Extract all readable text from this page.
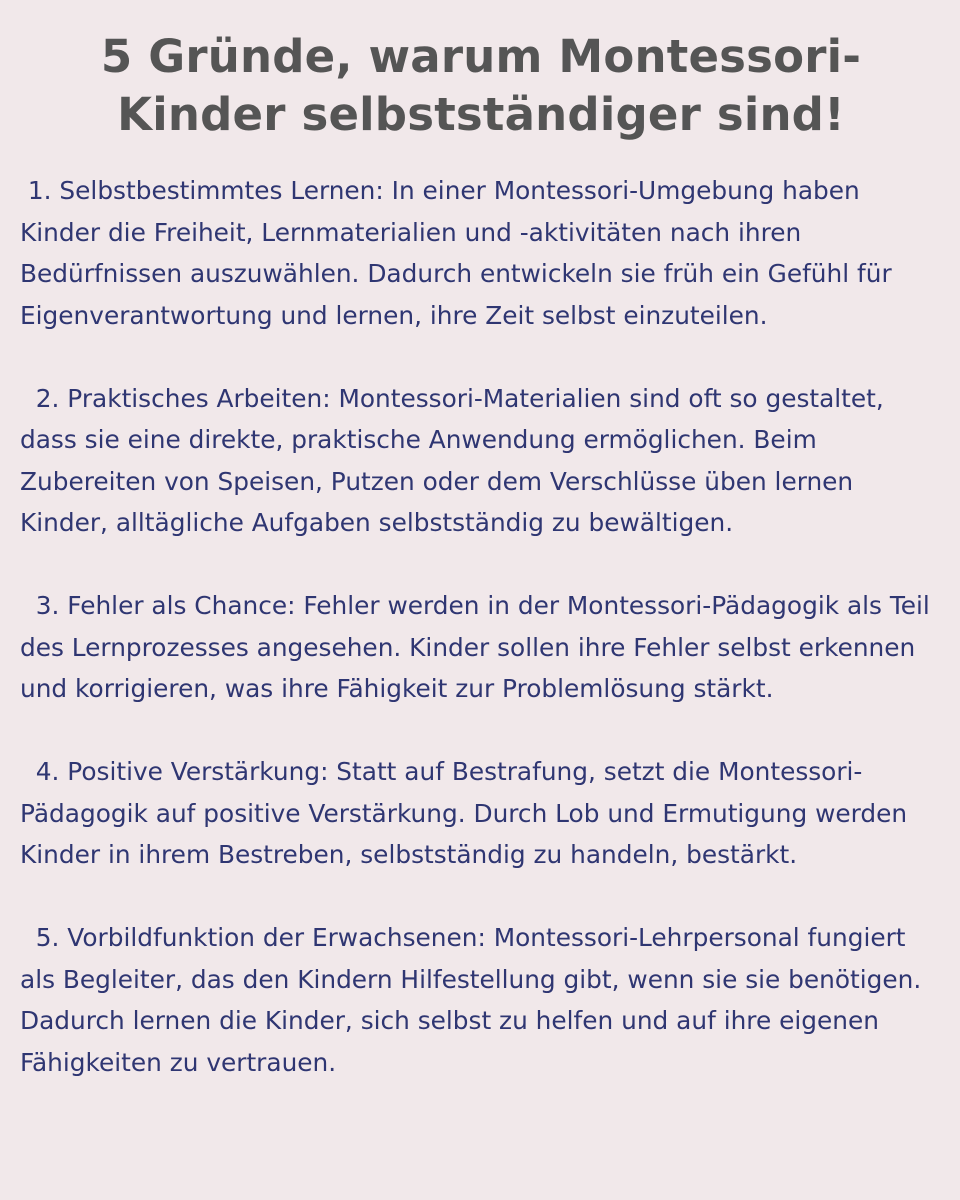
5 Gründe, warum Montessori-Kinder selbstständiger sind!

1. Selbstbestimmtes Lernen: In einer Montessori-Umgebung haben Kinder die Freiheit, Lernmaterialien und -aktivitäten nach ihren Bedürfnissen auszuwählen. Dadurch entwickeln sie früh ein Gefühl für Eigenverantwortung und lernen, ihre Zeit selbst einzuteilen.

2. Praktisches Arbeiten: Montessori-Materialien sind oft so gestaltet, dass sie eine direkte, praktische Anwendung ermöglichen. Beim Zubereiten von Speisen, Putzen oder dem Verschlüsse üben lernen Kinder, alltägliche Aufgaben selbstständig zu bewältigen.

3. Fehler als Chance: Fehler werden in der Montessori-Pädagogik als Teil des Lernprozesses angesehen. Kinder sollen ihre Fehler selbst erkennen und korrigieren, was ihre Fähigkeit zur Problemlösung stärkt.

4. Positive Verstärkung: Statt auf Bestrafung, setzt die Montessori-Pädagogik auf positive Verstärkung. Durch Lob und Ermutigung werden Kinder in ihrem Bestreben, selbstständig zu handeln, bestärkt.

5. Vorbildfunktion der Erwachsenen: Montessori-Lehrpersonal fungiert als Begleiter, das den Kindern Hilfestellung gibt, wenn sie sie benötigen. Dadurch lernen die Kinder, sich selbst zu helfen und auf ihre eigenen Fähigkeiten zu vertrauen.
